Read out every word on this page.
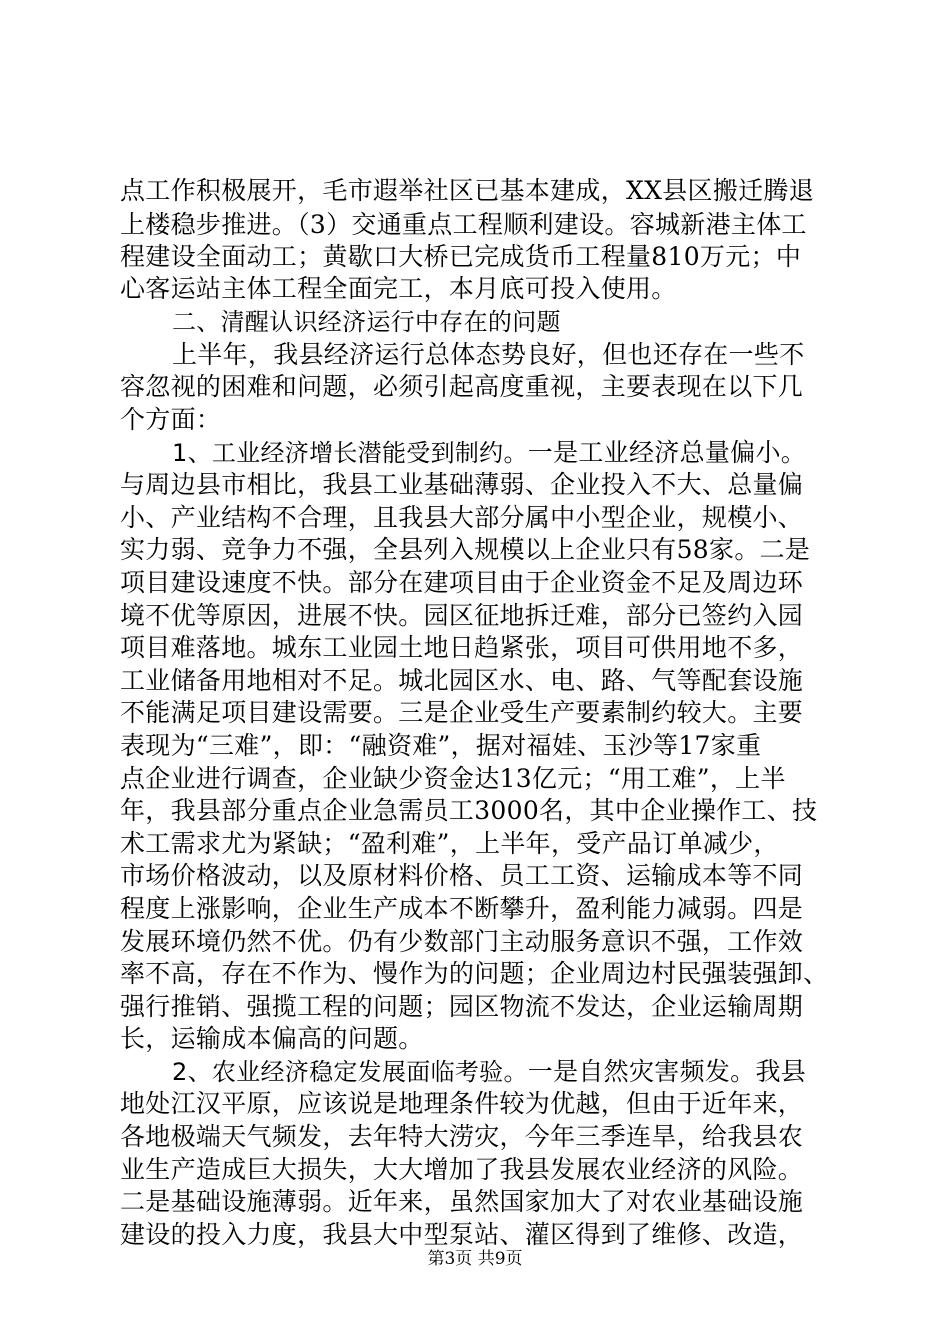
点工作积极展开，毛市遐举社区已基本建成，XX县区搬迁腾退
上楼稳步推进。（3）交通重点工程顺利建设。容城新港主体工
程建设全面动工；黄歇口大桥已完成货币工程量810万元；中
心客运站主体工程全面完工，本月底可投入使用。
二、清醒认识经济运行中存在的问题
上半年，我县经济运行总体态势良好，但也还存在一些不
容忽视的困难和问题，必须引起高度重视，主要表现在以下几
个方面：
1、工业经济增长潜能受到制约。一是工业经济总量偏小。
与周边县市相比，我县工业基础薄弱、企业投入不大、总量偏
小、产业结构不合理，且我县大部分属中小型企业，规模小、
实力弱、竞争力不强，全县列入规模以上企业只有58家。二是
项目建设速度不快。部分在建项目由于企业资金不足及周边环
境不优等原因，进展不快。园区征地拆迁难，部分已签约入园
项目难落地。城东工业园土地日趋紧张，项目可供用地不多，
工业储备用地相对不足。城北园区水、电、路、气等配套设施
不能满足项目建设需要。三是企业受生产要素制约较大。主要
表现为“三难”，即：“融资难”，据对福娃、玉沙等17家重
点企业进行调查，企业缺少资金达13亿元；“用工难”，上半
年，我县部分重点企业急需员工3000名，其中企业操作工、技
术工需求尤为紧缺；“盈利难”，上半年，受产品订单减少，
市场价格波动，以及原材料价格、员工工资、运输成本等不同
程度上涨影响，企业生产成本不断攀升，盈利能力减弱。四是
发展环境仍然不优。仍有少数部门主动服务意识不强，工作效
率不高，存在不作为、慢作为的问题；企业周边村民强装强卸、
强行推销、强揽工程的问题；园区物流不发达，企业运输周期
长，运输成本偏高的问题。
2、农业经济稳定发展面临考验。一是自然灾害频发。我县
地处江汉平原，应该说是地理条件较为优越，但由于近年来，
各地极端天气频发，去年特大涝灾，今年三季连旱，给我县农
业生产造成巨大损失，大大增加了我县发展农业经济的风险。
二是基础设施薄弱。近年来，虽然国家加大了对农业基础设施
建设的投入力度，我县大中型泵站、灌区得到了维修、改造，
第3页 共9页
